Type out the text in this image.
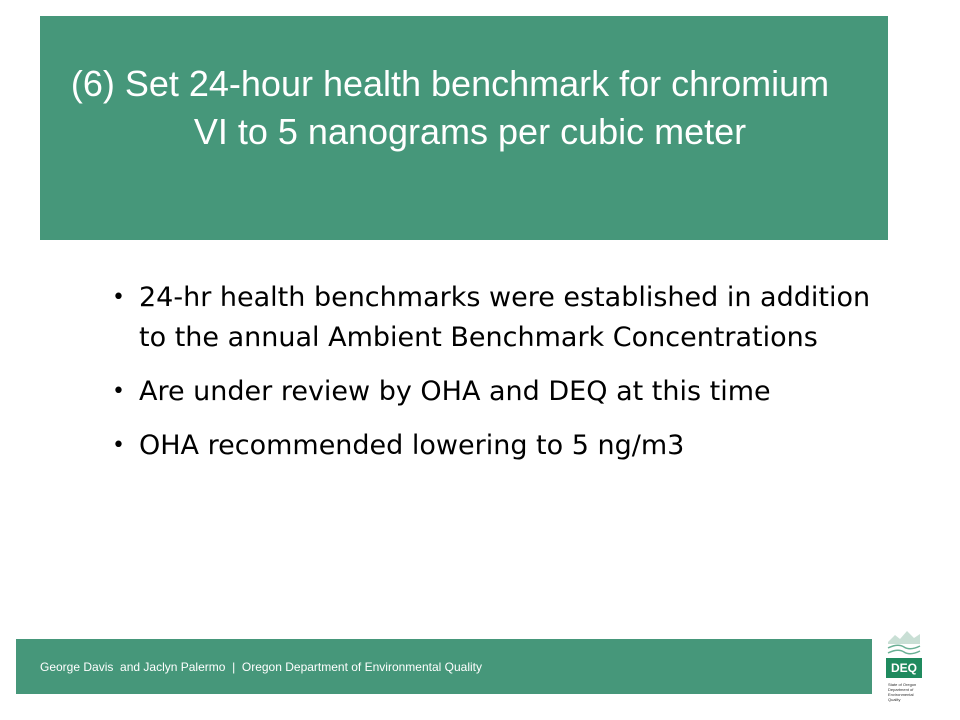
(6) Set 24-hour health benchmark for chromium VI to 5 nanograms per cubic meter
• 24-hr health benchmarks were established in addition to the annual Ambient Benchmark Concentrations
• Are under review by OHA and DEQ at this time
• OHA recommended lowering to 5 ng/m3
George Davis  and Jaclyn Palermo  |  Oregon Department of Environmental Quality	DEQ
State of Oregon
Department of
Environmental
Quality
